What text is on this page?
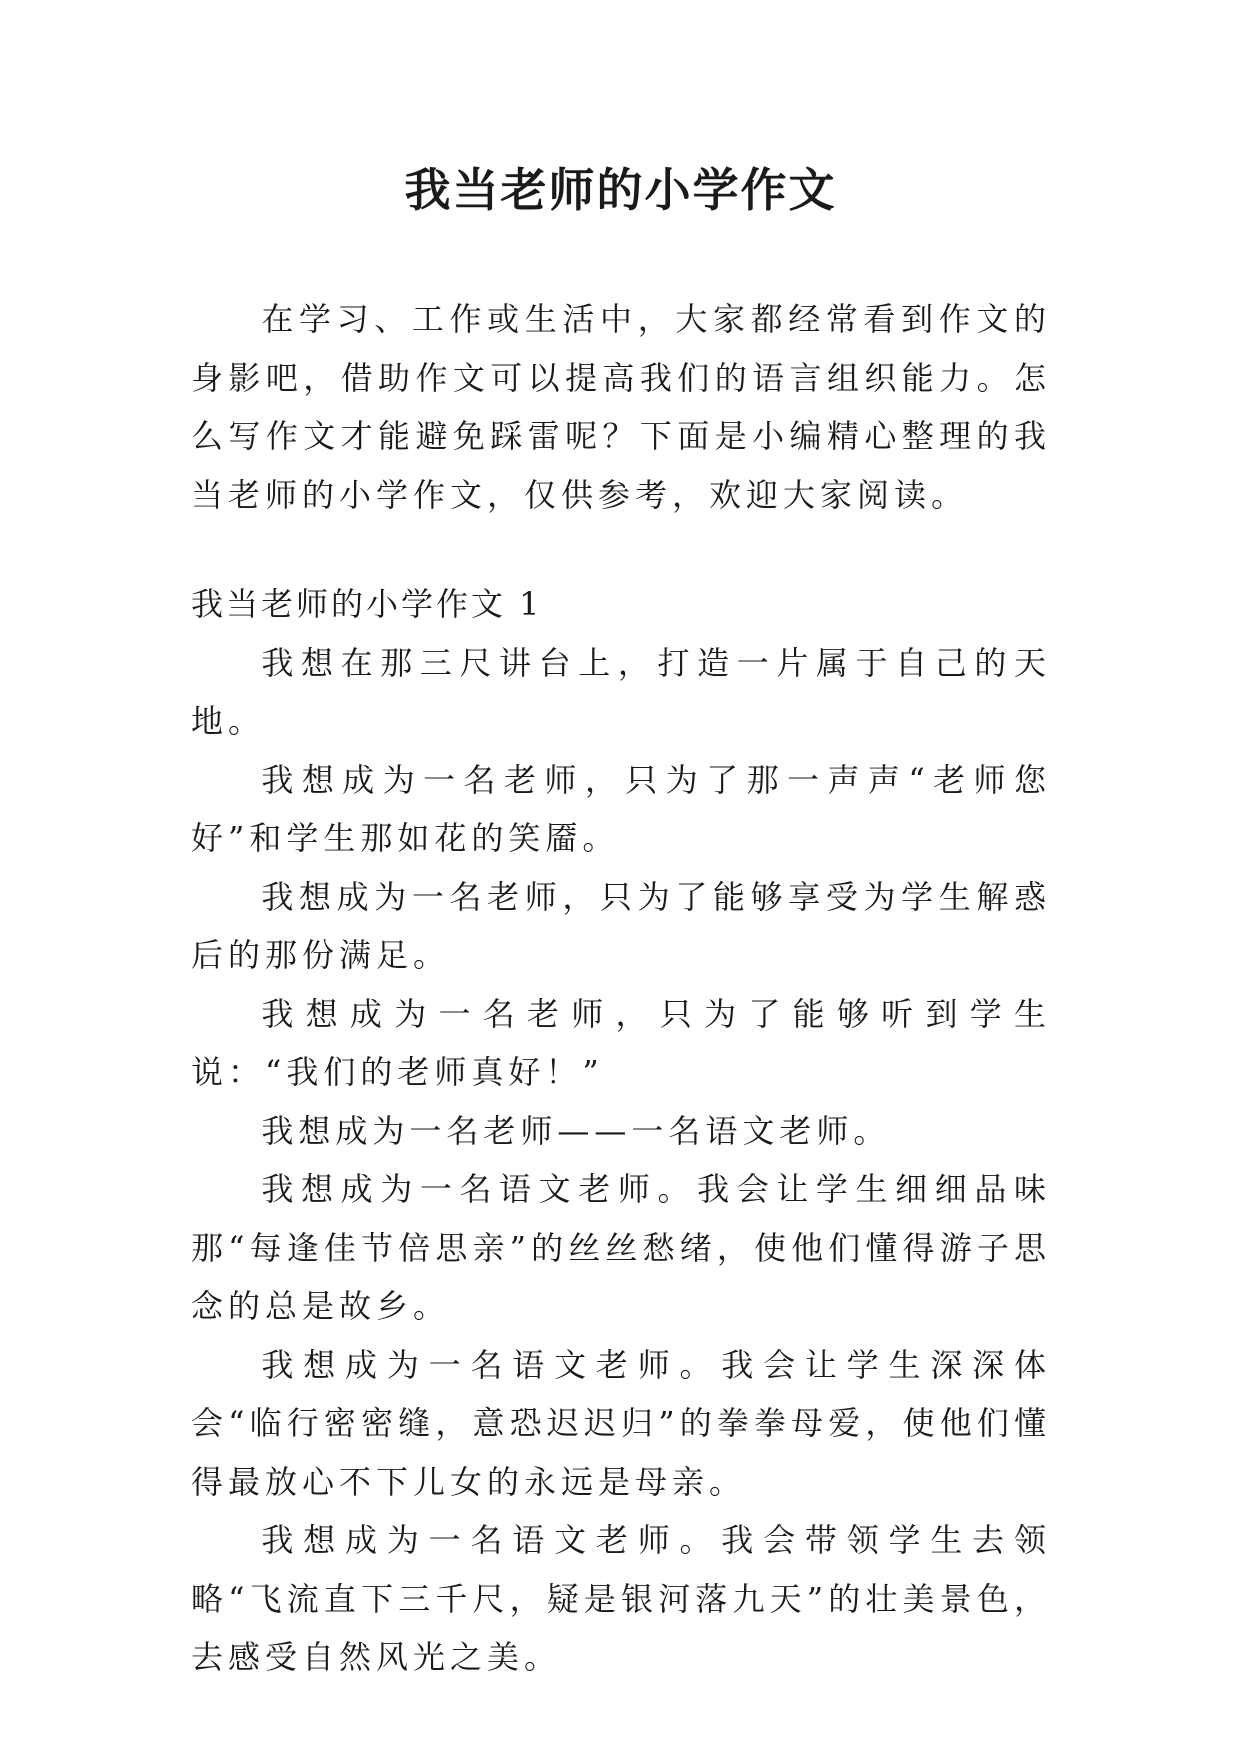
我当老师的小学作文

在学习、工作或生活中，大家都经常看到作文的身影吧，借助作文可以提高我们的语言组织能力。怎么写作文才能避免踩雷呢？下面是小编精心整理的我当老师的小学作文，仅供参考，欢迎大家阅读。

我当老师的小学作文 1

我想在那三尺讲台上，打造一片属于自己的天地。

我想成为一名老师，只为了那一声声“老师您好”和学生那如花的笑靥。

我想成为一名老师，只为了能够享受为学生解惑后的那份满足。

我想成为一名老师，只为了能够听到学生说：“我们的老师真好！”

我想成为一名老师——一名语文老师。

我想成为一名语文老师。我会让学生细细品味那“每逢佳节倍思亲”的丝丝愁绪，使他们懂得游子思念的总是故乡。

我想成为一名语文老师。我会让学生深深体会“临行密密缝，意恐迟迟归”的拳拳母爱，使他们懂得最放心不下儿女的永远是母亲。

我想成为一名语文老师。我会带领学生去领略“飞流直下三千尺，疑是银河落九天”的壮美景色，去感受自然风光之美。
